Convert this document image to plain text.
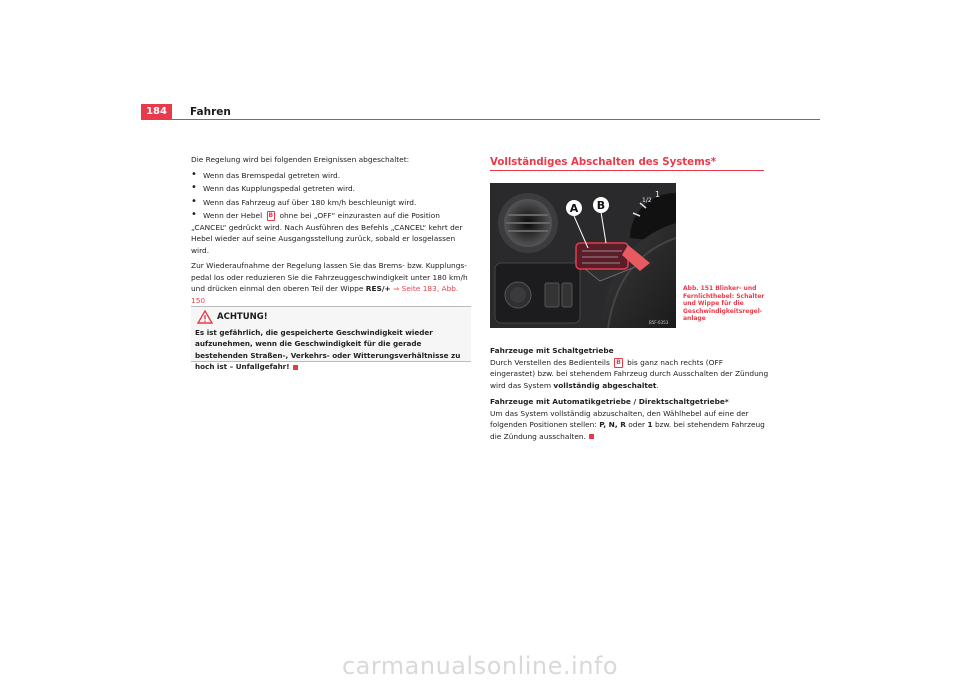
184	Fahren

Die Regelung wird bei folgenden Ereignissen abgeschaltet:

• Wenn das Bremspedal getreten wird.

• Wenn das Kupplungspedal getreten wird.

• Wenn das Fahrzeug auf über 180 km/h beschleunigt wird.

• Wenn der Hebel B ohne bei „OFF“ einzurasten auf die Position „CANCEL“ gedrückt wird. Nach Ausführen des Befehls „CANCEL“ kehrt der Hebel wieder auf seine Ausgangsstellung zurück, sobald er losgelassen wird.

Zur Wiederaufnahme der Regelung lassen Sie das Brems- bzw. Kupplungspedal los oder reduzieren Sie die Fahrzeuggeschwindigkeit unter 180 km/h und drücken einmal den oberen Teil der Wippe RES/+ ⇒ Seite 183, Abb. 150

ACHTUNG!
Es ist gefährlich, die gespeicherte Geschwindigkeit wieder aufzunehmen, wenn die Geschwindigkeit für die gerade bestehenden Straßen-, Verkehrs- oder Witterungsverhältnisse zu hoch ist – Unfallgefahr!
Vollständiges Abschalten des Systems*
1
1/2
A B
B5F-0353
Abb. 151 Blinker- und Fernlichthebel: Schalter und Wippe für die Geschwindigkeitsregelanlage

Fahrzeuge mit Schaltgetriebe

Durch Verstellen des Bedienteils B bis ganz nach rechts (OFF eingerastet) bzw. bei stehendem Fahrzeug durch Ausschalten der Zündung wird das System vollständig abgeschaltet.

Fahrzeuge mit Automatikgetriebe / Direktschaltgetriebe*

Um das System vollständig abzuschalten, den Wählhebel auf eine der folgenden Positionen stellen: P, N, R oder 1 bzw. bei stehendem Fahrzeug die Zündung ausschalten.

carmanualsonline.info
